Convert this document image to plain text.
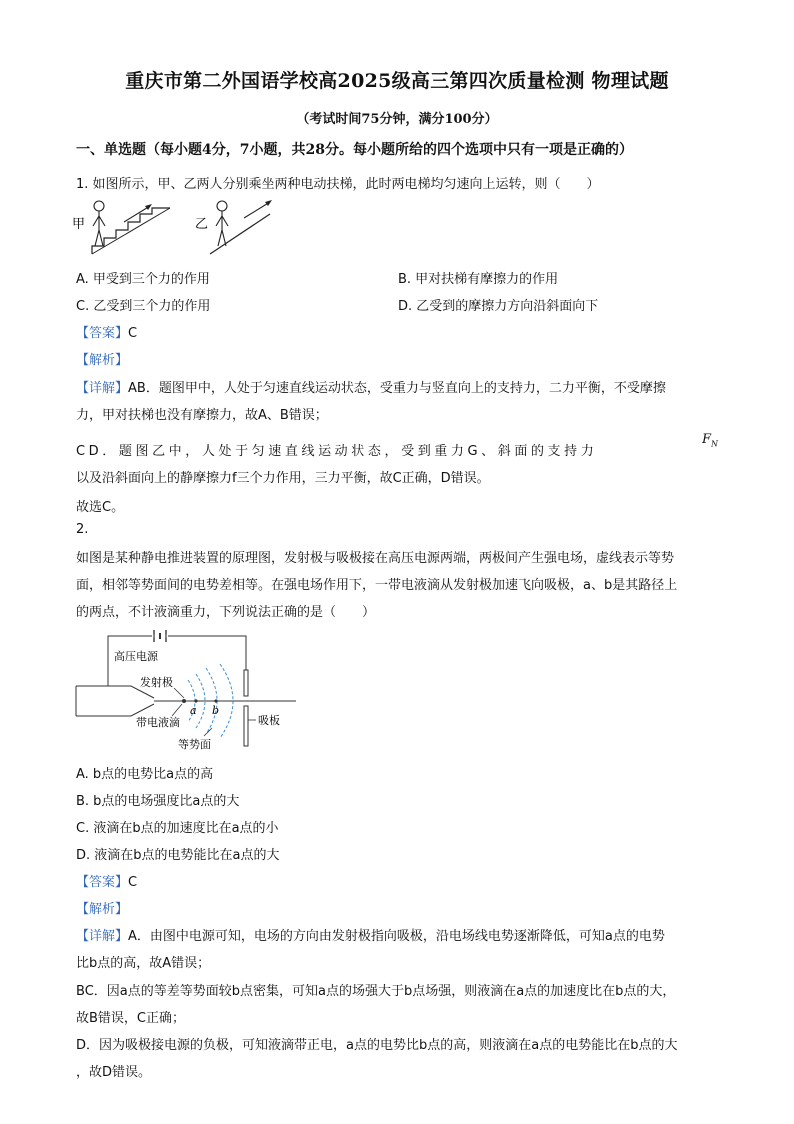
重庆市第二外国语学校高2025级高三第四次质量检测 物理试题
（考试时间75分钟，满分100分）
一、单选题（每小题4分，7小题，共28分。每小题所给的四个选项中只有一项是正确的）
1. 如图所示，甲、乙两人分别乘坐两种电动扶梯，此时两电梯均匀速向上运转，则（　　）
甲	乙
A. 甲受到三个力的作用	B. 甲对扶梯有摩擦力的作用
C. 乙受到三个力的作用	D. 乙受到的摩擦力方向沿斜面向下
【答案】C
【解析】
【详解】AB．题图甲中，人处于匀速直线运动状态，受重力与竖直向上的支持力，二力平衡，不受摩擦
力，甲对扶梯也没有摩擦力，故A、B错误；
CD．题图乙中，人处于匀速直线运动状态，受到重力G、斜面的支持力
$F_N$
以及沿斜面向上的静摩擦力f三个力作用，三力平衡，故C正确，D错误。
故选C。
2.
如图是某种静电推进装置的原理图，发射极与吸极接在高压电源两端，两极间产生强电场，虚线表示等势
面，相邻等势面间的电势差相等。在强电场作用下，一带电液滴从发射极加速飞向吸极，a、b是其路径上
的两点，不计液滴重力，下列说法正确的是（　　）
高压电源
发射极
带电液滴
a b
等势面
吸板
A. b点的电势比a点的高
B. b点的电场强度比a点的大
C. 液滴在b点的加速度比在a点的小
D. 液滴在b点的电势能比在a点的大
【答案】C
【解析】
【详解】A．由图中电源可知，电场的方向由发射极指向吸极，沿电场线电势逐渐降低，可知a点的电势
比b点的高，故A错误；
BC．因a点的等差等势面较b点密集，可知a点的场强大于b点场强，则液滴在a点的加速度比在b点的大，
故B错误，C正确；
D．因为吸极接电源的负极，可知液滴带正电，a点的电势比b点的高，则液滴在a点的电势能比在b点的大
，故D错误。
